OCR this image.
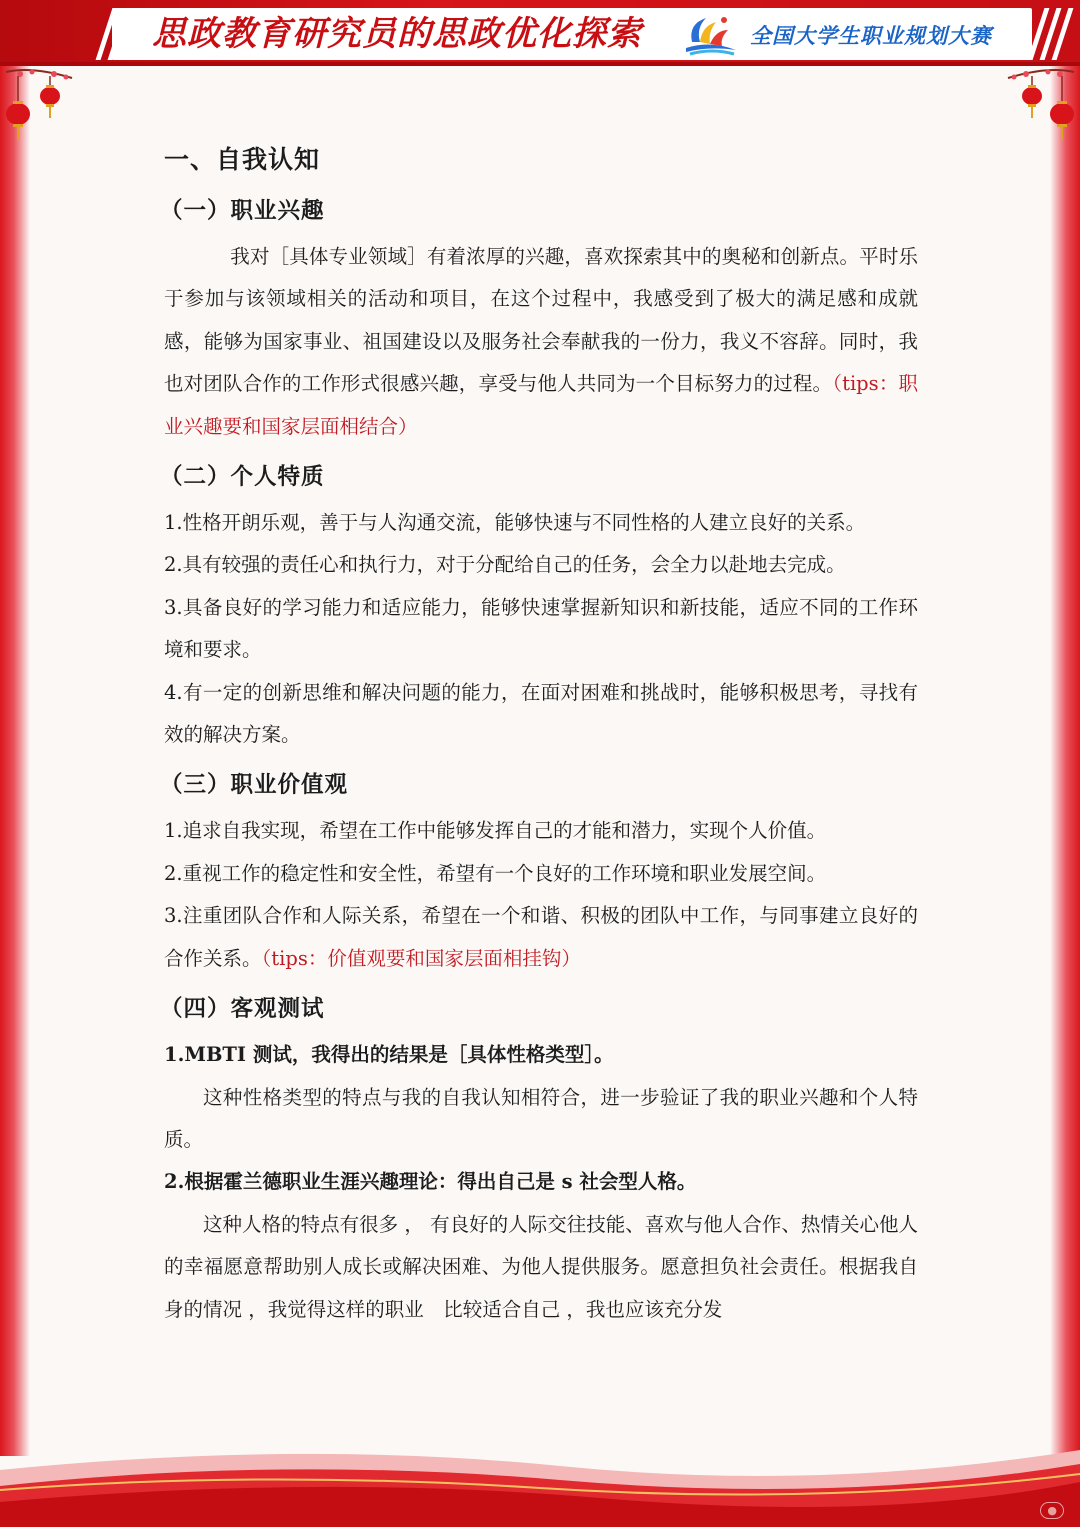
思政教育研究员的思政优化探索	全国大学生职业规划大赛
●
一、自我认知
（一）职业兴趣

我对［具体专业领域］有着浓厚的兴趣，喜欢探索其中的奥秘和创新点。平时乐于参加与该领域相关的活动和项目，在这个过程中，我感受到了极大的满足感和成就感，能够为国家事业、祖国建设以及服务社会奉献我的一份力，我义不容辞。同时，我也对团队合作的工作形式很感兴趣，享受与他人共同为一个目标努力的过程。（tips：职业兴趣要和国家层面相结合）

（二）个人特质

1.性格开朗乐观，善于与人沟通交流，能够快速与不同性格的人建立良好的关系。

2.具有较强的责任心和执行力，对于分配给自己的任务，会全力以赴地去完成。

3.具备良好的学习能力和适应能力，能够快速掌握新知识和新技能，适应不同的工作环境和要求。

4.有一定的创新思维和解决问题的能力，在面对困难和挑战时，能够积极思考，寻找有效的解决方案。

（三）职业价值观

1.追求自我实现，希望在工作中能够发挥自己的才能和潜力，实现个人价值。

2.重视工作的稳定性和安全性，希望有一个良好的工作环境和职业发展空间。

3.注重团队合作和人际关系，希望在一个和谐、积极的团队中工作，与同事建立良好的合作关系。（tips：价值观要和国家层面相挂钩）

（四）客观测试

1.MBTI 测试，我得出的结果是［具体性格类型］。

这种性格类型的特点与我的自我认知相符合，进一步验证了我的职业兴趣和个人特质。

2.根据霍兰德职业生涯兴趣理论：得出自己是 s 社会型人格。

这种人格的特点有很多 ， 有良好的人际交往技能、喜欢与他人合作、热情关心他人的幸福愿意帮助别人成长或解决困难、为他人提供服务。愿意担负社会责任。根据我自身的情况 ，我觉得这样的职业　比较适合自己 ，我也应该充分发
